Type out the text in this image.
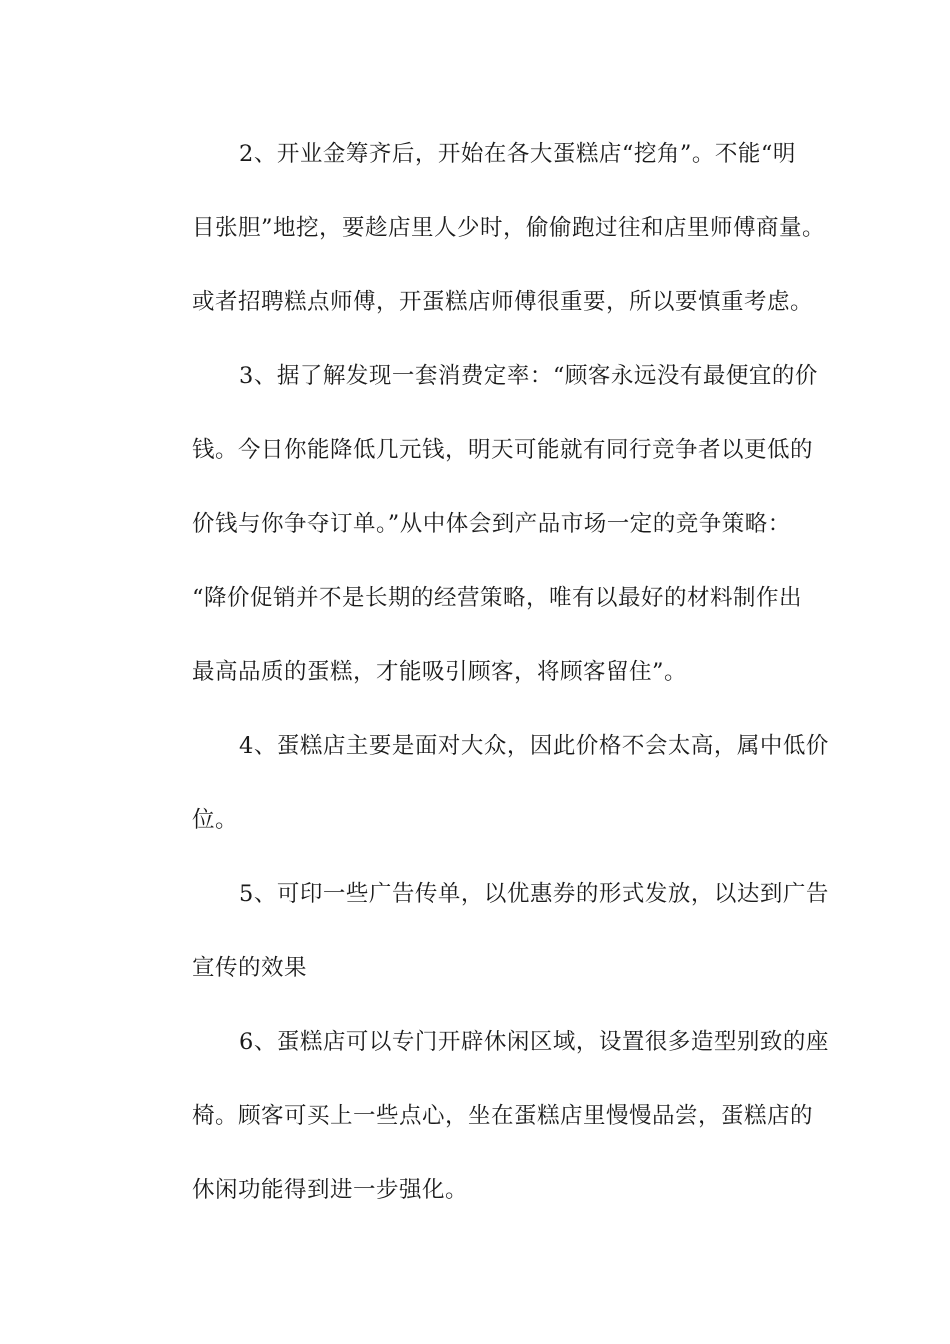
2、开业金筹齐后，开始在各大蛋糕店“挖角”。不能“明
目张胆”地挖，要趁店里人少时，偷偷跑过往和店里师傅商量。
或者招聘糕点师傅，开蛋糕店师傅很重要，所以要慎重考虑。
3、据了解发现一套消费定率：“顾客永远没有最便宜的价
钱。今日你能降低几元钱，明天可能就有同行竞争者以更低的
价钱与你争夺订单。”从中体会到产品市场一定的竞争策略：
“降价促销并不是长期的经营策略，唯有以最好的材料制作出
最高品质的蛋糕，才能吸引顾客，将顾客留住”。
4、蛋糕店主要是面对大众，因此价格不会太高，属中低价
位。
5、可印一些广告传单，以优惠券的形式发放，以达到广告
宣传的效果
6、蛋糕店可以专门开辟休闲区域，设置很多造型别致的座
椅。顾客可买上一些点心，坐在蛋糕店里慢慢品尝，蛋糕店的
休闲功能得到进一步强化。
